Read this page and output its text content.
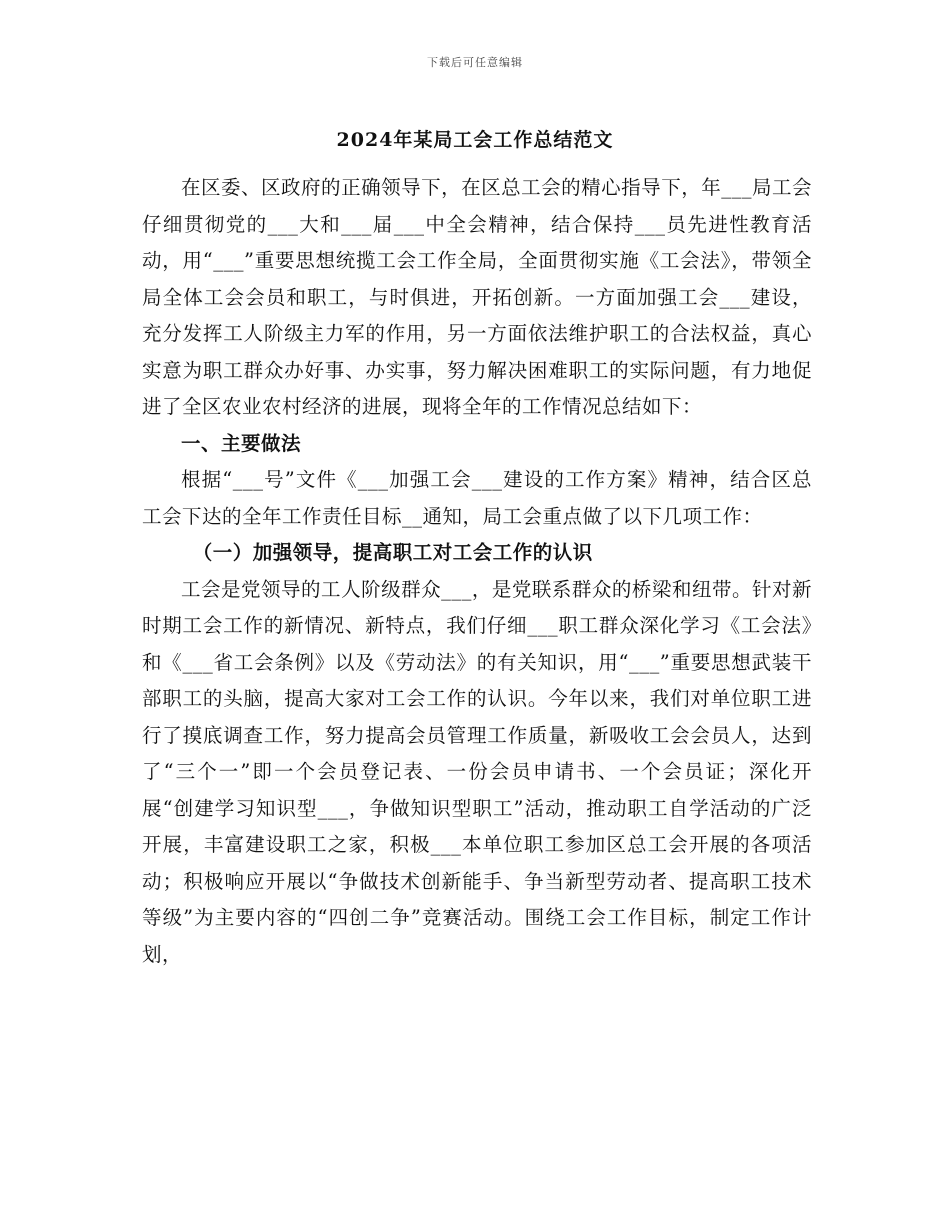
下载后可任意编辑
2024年某局工会工作总结范文

在区委、区政府的正确领导下，在区总工会的精心指导下，年___局工会仔细贯彻党的___大和___届___中全会精神，结合保持___员先进性教育活动，用“___”重要思想统揽工会工作全局，全面贯彻实施《工会法》，带领全局全体工会会员和职工，与时俱进，开拓创新。一方面加强工会___建设，充分发挥工人阶级主力军的作用，另一方面依法维护职工的合法权益，真心实意为职工群众办好事、办实事，努力解决困难职工的实际问题，有力地促进了全区农业农村经济的进展，现将全年的工作情况总结如下：

一、主要做法

根据“___号”文件《___加强工会___建设的工作方案》精神，结合区总工会下达的全年工作责任目标__通知，局工会重点做了以下几项工作：

（一）加强领导，提高职工对工会工作的认识

工会是党领导的工人阶级群众___，是党联系群众的桥梁和纽带。针对新时期工会工作的新情况、新特点，我们仔细___职工群众深化学习《工会法》和《___省工会条例》以及《劳动法》的有关知识，用“___”重要思想武装干部职工的头脑，提高大家对工会工作的认识。今年以来，我们对单位职工进行了摸底调查工作，努力提高会员管理工作质量，新吸收工会会员人，达到了“三个一”即一个会员登记表、一份会员申请书、一个会员证；深化开展“创建学习知识型___，争做知识型职工”活动，推动职工自学活动的广泛开展，丰富建设职工之家，积极___本单位职工参加区总工会开展的各项活动；积极响应开展以“争做技术创新能手、争当新型劳动者、提高职工技术等级”为主要内容的“四创二争”竞赛活动。围绕工会工作目标，制定工作计划，
